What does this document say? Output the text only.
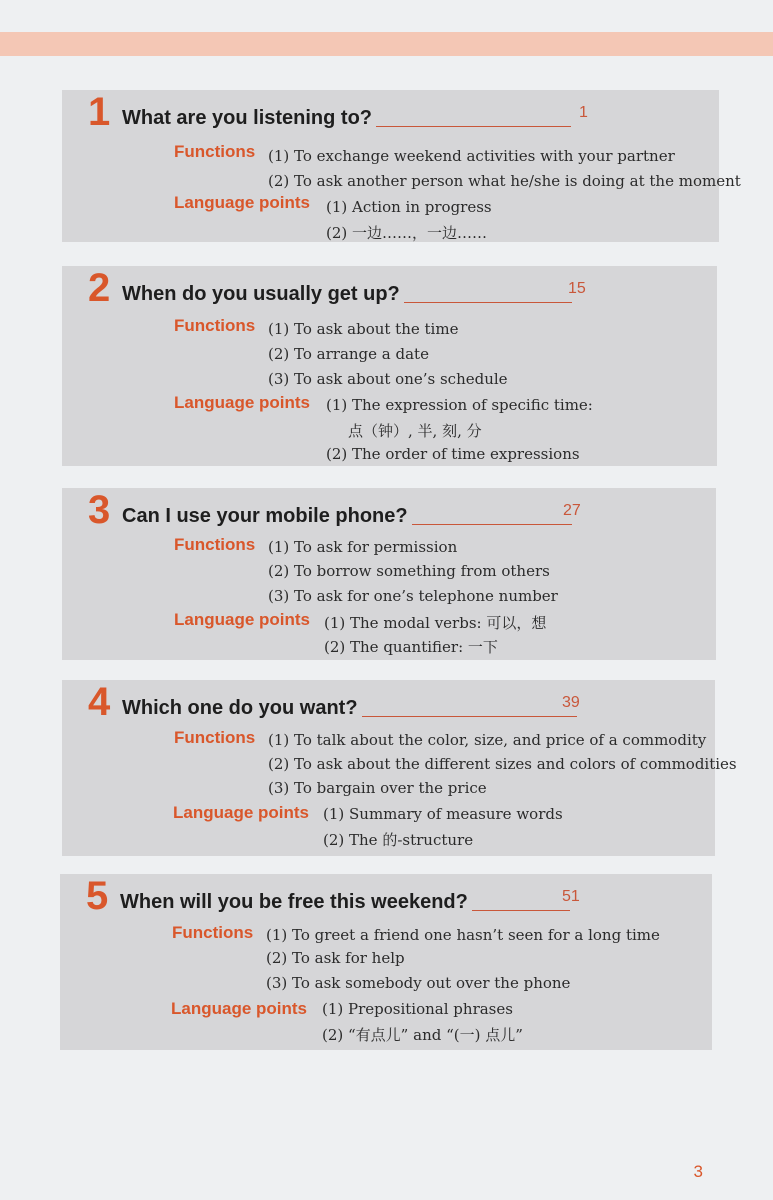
1 What are you listening to?	1
Functions (1) To exchange weekend activities with your partner
(2) To ask another person what he/she is doing at the moment
Language points (1) Action in progress
(2) 一边……，一边……
2 When do you usually get up?	15
Functions (1) To ask about the time
(2) To arrange a date
(3) To ask about one’s schedule
Language points (1) The expression of specific time:
点（钟）, 半, 刻, 分
(2) The order of time expressions
3 Can I use your mobile phone?	27
Functions (1) To ask for permission
(2) To borrow something from others
(3) To ask for one’s telephone number
Language points (1) The modal verbs: 可以，想
(2) The quantifier: 一下
4 Which one do you want?	39
Functions (1) To talk about the color, size, and price of a commodity
(2) To ask about the different sizes and colors of commodities
(3) To bargain over the price
Language points (1) Summary of measure words
(2) The 的-structure
5 When will you be free this weekend?	51
Functions (1) To greet a friend one hasn’t seen for a long time
(2) To ask for help
(3) To ask somebody out over the phone
Language points (1) Prepositional phrases
(2) “有点儿” and “(一) 点儿”
3
